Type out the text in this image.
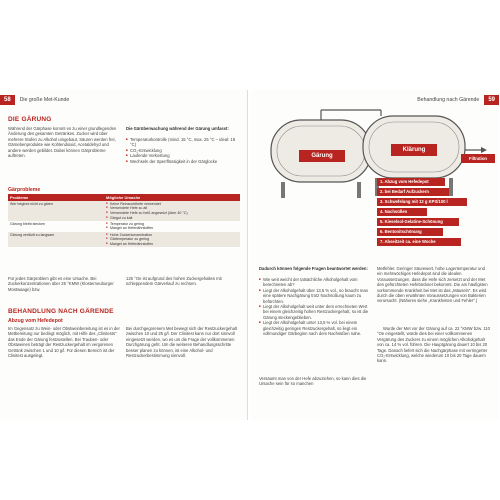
58	Die große Met-Kunde
DIE GÄRUNG
Während der Gärphase kommt es zu einer grundlegenden Änderung des gesamten Getränkes. Zucker wird über mehrere Stufen zu Alkohol umgebaut, Säuren werden frei, Gärnebenprodukte wie Kohlendioxid, Acetaldehyd und andere werden gebildet. Dabei können Gärprobleme auftreten.
Die Gärüberwachung während der Gärung umfasst:
■ Temperaturkontrolle (mind. 15 °C, max. 25 °C – ideal: 18 °C)
■ CO₂-Entwicklung
■ Laufende Verkostung
■ Wechseln der Sperrflüssigkeit in der Gärglocke
Gärprobleme
Probleme	Mögliche Ursache
Wer beginnt nicht zu gären	■ Keine Reinzuchthefe verwendet
■ Verwendete Hefe zu alt
■ Verwendete Hefe zu heiß angesetzt (über 40 °C)
■ Gärgut zu kalt

Gärung bleibt stecken	■ Temperatur zu gering
■ Mangel an Hefenährstoffen

Gärung verläuft zu langsam	■ Hohe Zuckerkonzentration
■ Gärtemperatur zu gering
■ Mangel an Hefenährstoffen
Für jedes Gärproblem gibt es eine Ursache. Bei Zuckerkonzentrationen über 25 °KMW (Klosterneuburger Mostwaage) bzw.
125 °Oe ist aufgrund des hohen Zuckergehaltes mit schleppendem Gärverlauf zu rechnen.
BEHANDLUNG NACH GÄRENDE
Abzug vom Hefedepot
Im Gegensatz zu Wein- oder Obstweinbereitung ist es in der Metbereitung nur bedingt möglich, mit Hilfe des „Clinitests“ das Ende der Gärung festzustellen. Bei Trauben- oder Obstweinen beträgt der Restzuckergehalt im vergorenen Getränk zwischen 1 und 10 g/l. Für diesen Bereich ist der Clinitest ausgelegt.
Bei durchgegorenem Met bewegt sich der Restzuckergehalt zwischen 10 und 25 g/l. Der Clinitest kann nur dort sinnvoll eingesetzt werden, wo es um die Frage der vollkommenen Durchgärung geht. Um die weiteren Behandlungsschritte besser planen zu können, ist eine Alkohol- und Restzuckerbestimmung sinnvoll.
Behandlung nach Gärende	59
Gärung
Klärung
Filtration
1. Abzug vom Hefedepot
2. bei Bedarf Aufzuckern
3. Schwefelung mit 12 g KPS/100 l
4. Nachsüßen
5. Kieselsol-Gelatine-Schönung
6. Bentonitschönung
7. Abseitzeit ca. eine Woche
Dadurch können folgende Fragen beantwortet werden:
■ Wie weit weicht der tatsächliche Alkoholgehalt vom berechneten ab?
■ Liegt der Alkoholgehalt über 13,5 % vol., so braucht man eine spätere Nachgärung trotz Nachsüßung kaum zu befürchten.
■ Liegt der Alkoholgehalt weit unter dem errechneten Wert bei einem gleichzeitig hohen Restzuckergehalt, so ist die Gärung steckengeblieben.
■ Liegt der Alkoholgehalt unter 13,5 % vol. bei einem gleichzeitig geringen Restzuckergehalt, so liegt ein vollmundiger Gärbeginn nach dem Nachsüßen nahe.
Versäumt man von der Hefe abzuziehen, so kann dies die Ursache sein für so manchen
Metfehler. Geringer Säurewert, hohe Lagertemperatur und ein mehrwöchiges Hefedepot sind die idealen Voraussetzungen, dass die Hefe sich zersetzt und der Met den gefürchteten Hefeböckser bekommt. Die am häufigsten vorkommende Krankheit bei Met ist das „Mäuseln“. Es wird durch die oben erwähnten Voraussetzungen von Bakterien verursacht. (Näheres siehe „Krankheiten und Fehler“.)
Wurde der Met vor der Gärung auf ca. 22 °KMW bzw. 110 °Oe eingestellt, würde dies bei einer vollkommenen Vergärung des Zuckers zu einem möglichen Alkoholgehalt von ca. 14 % vol. führen. Die Hauptgärung dauert 10 bis 20 Tage. Danach liefert sich die Nachgärphase mit verringerter CO₂-Entwicklung, welche wiederum 10 bis 20 Tage dauern kann.
